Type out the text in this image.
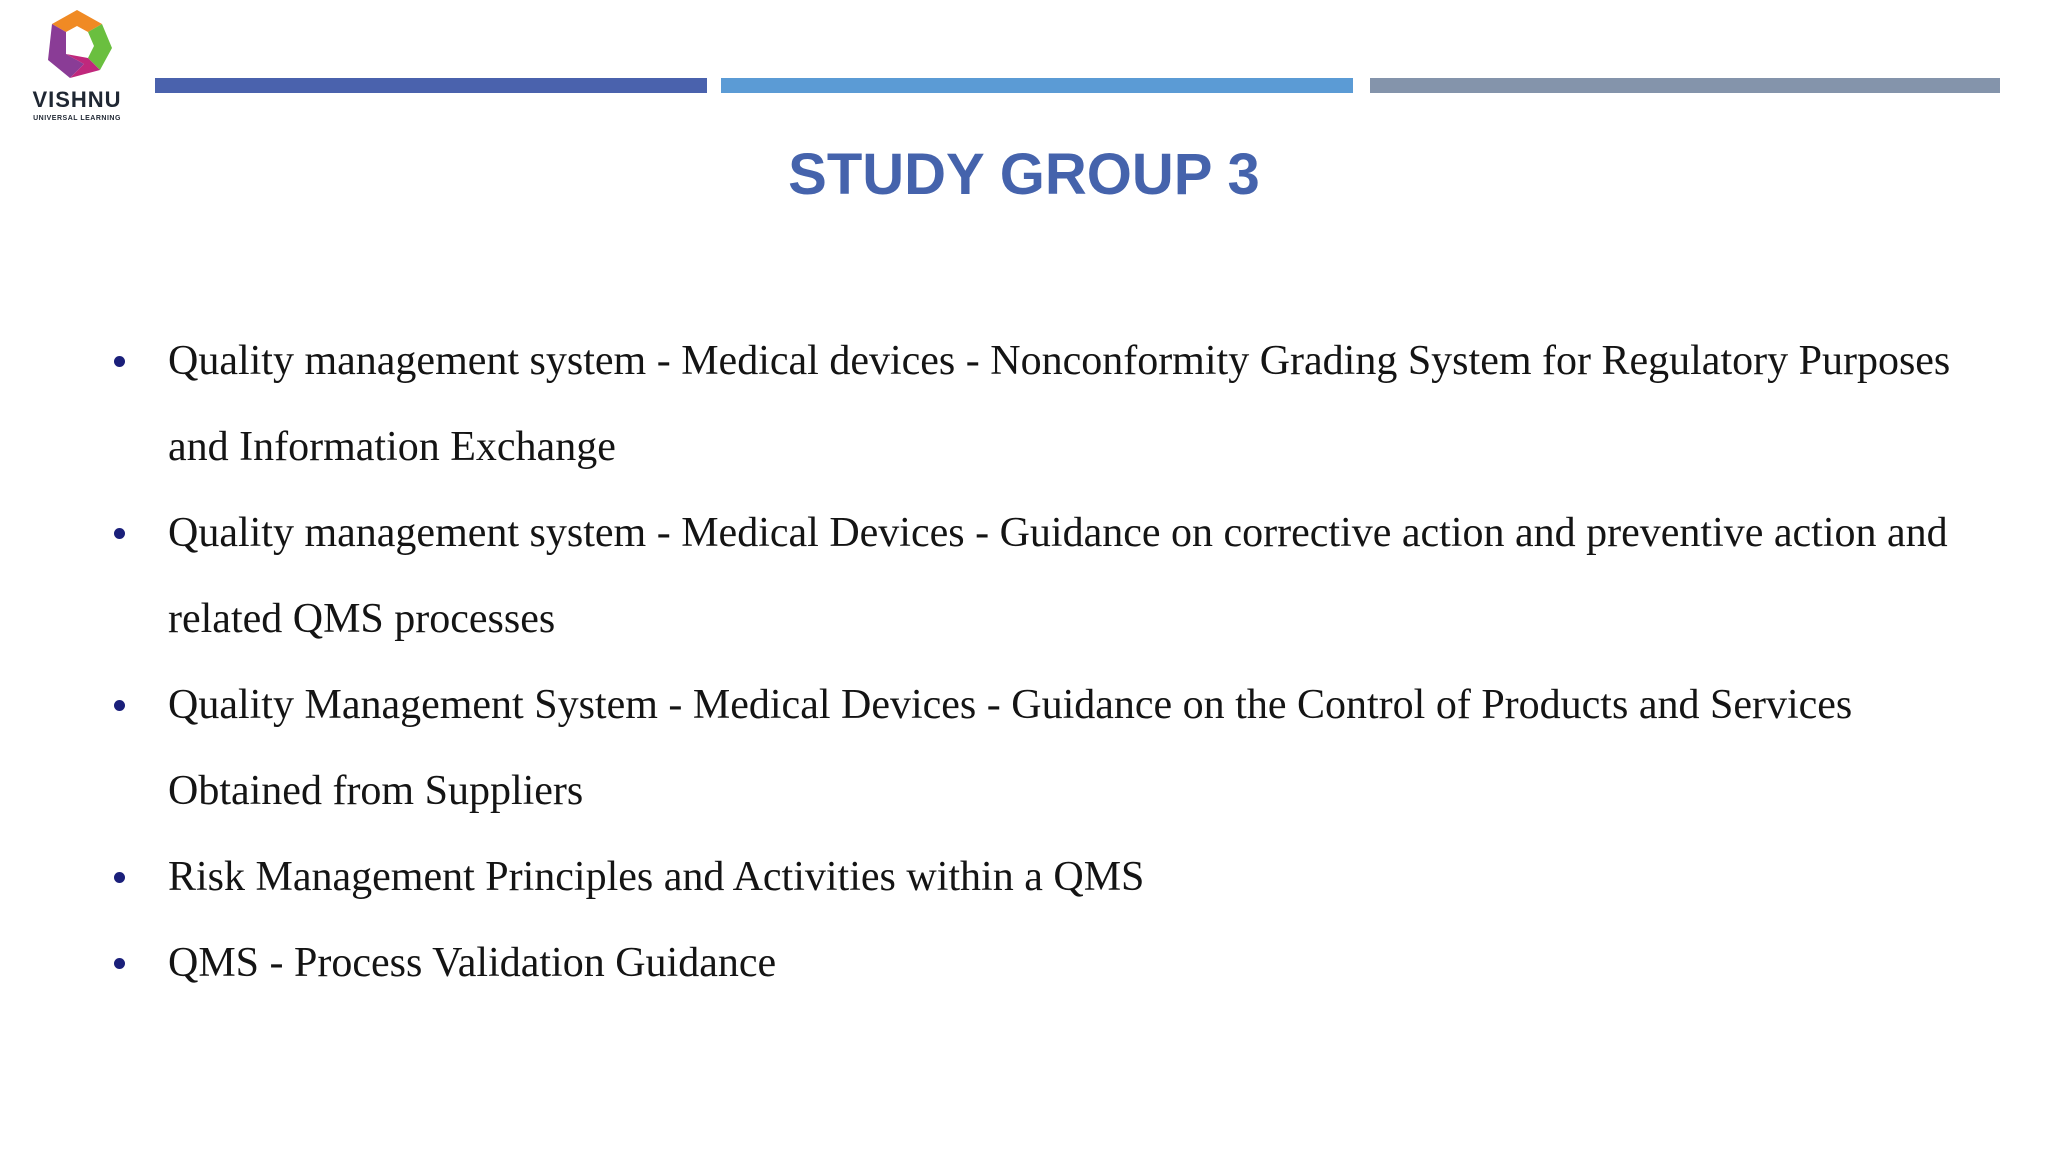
VISHNU
UNIVERSAL LEARNING
STUDY GROUP 3
Quality management system - Medical devices - Nonconformity Grading System for Regulatory Purposes and Information Exchange
Quality management system - Medical Devices - Guidance on corrective action and preventive action and related QMS processes
Quality Management System - Medical Devices - Guidance on the Control of Products and Services Obtained from Suppliers
Risk Management Principles and Activities within a QMS
QMS - Process Validation Guidance
